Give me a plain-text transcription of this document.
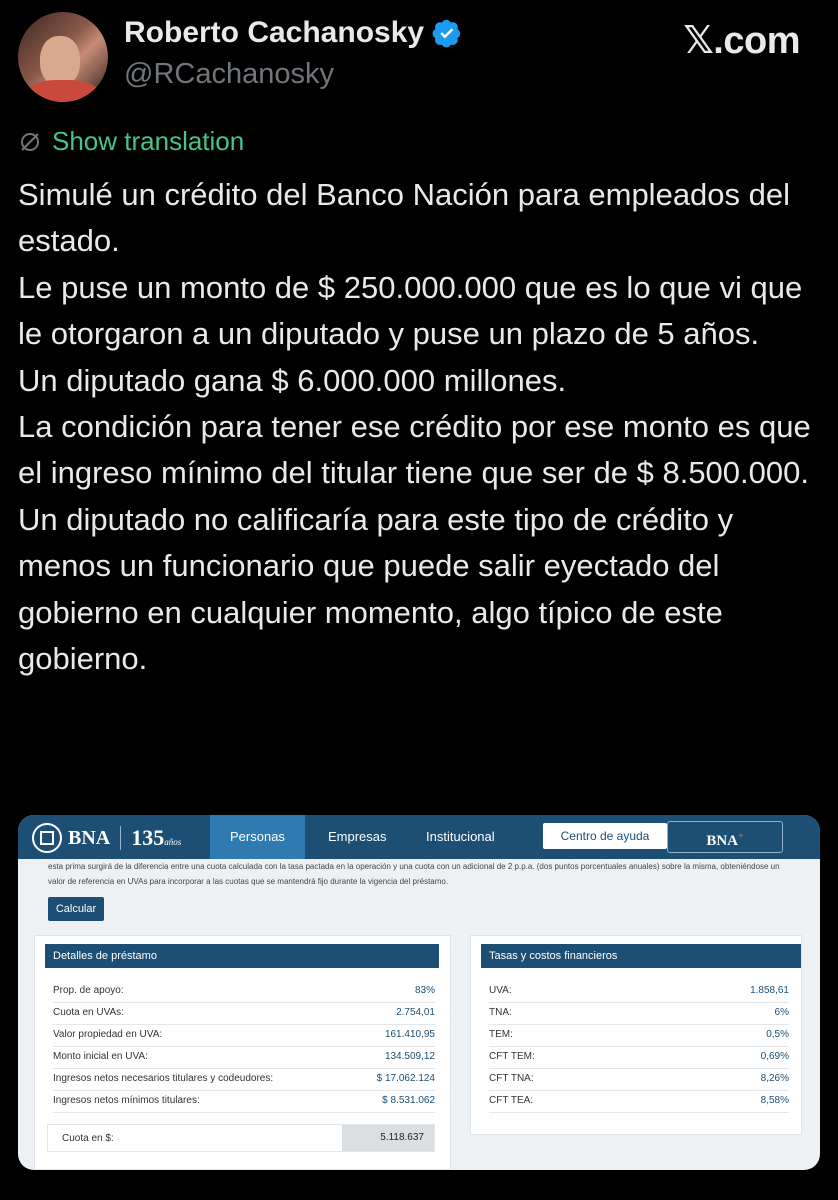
Roberto Cachanosky
@RCachanosky
𝕏.com
Show translation

Simulé un crédito del Banco Nación para empleados del estado.

Le puse un monto de $ 250.000.000 que es lo que vi que le otorgaron a un diputado y puse un plazo de 5 años.

Un diputado gana $ 6.000.000 millones.

La condición para tener ese crédito por ese monto es que el ingreso mínimo del titular tiene que ser de $ 8.500.000.

Un diputado no calificaría para este tipo de crédito y menos un funcionario que puede salir eyectado del gobierno en cualquier momento, algo típico de este gobierno.

BNA 135años	Personas	Empresas	Institucional	Centro de ayuda	BNA+
esta prima surgirá de la diferencia entre una cuota calculada con la tasa pactada en la operación y una cuota con un adicional de 2 p.p.a. (dos puntos porcentuales anuales) sobre la misma, obteniéndose un valor de referencia en UVAs para incorporar a las cuotas que se mantendrá fijo durante la vigencia del préstamo.
Calcular
Detalles de préstamo
Prop. de apoyo:	83%
Cuota en UVAs:	2.754,01
Valor propiedad en UVA:	161.410,95
Monto inicial en UVA:	134.509,12
Ingresos netos necesarios titulares y codeudores:	$ 17.062.124
Ingresos netos mínimos titulares:	$ 8.531.062
Cuota en $:	5.118.637
Tasas y costos financieros
UVA:	1.858,61
TNA:	6%
TEM:	0,5%
CFT TEM:	0,69%
CFT TNA:	8,26%
CFT TEA:	8,58%
